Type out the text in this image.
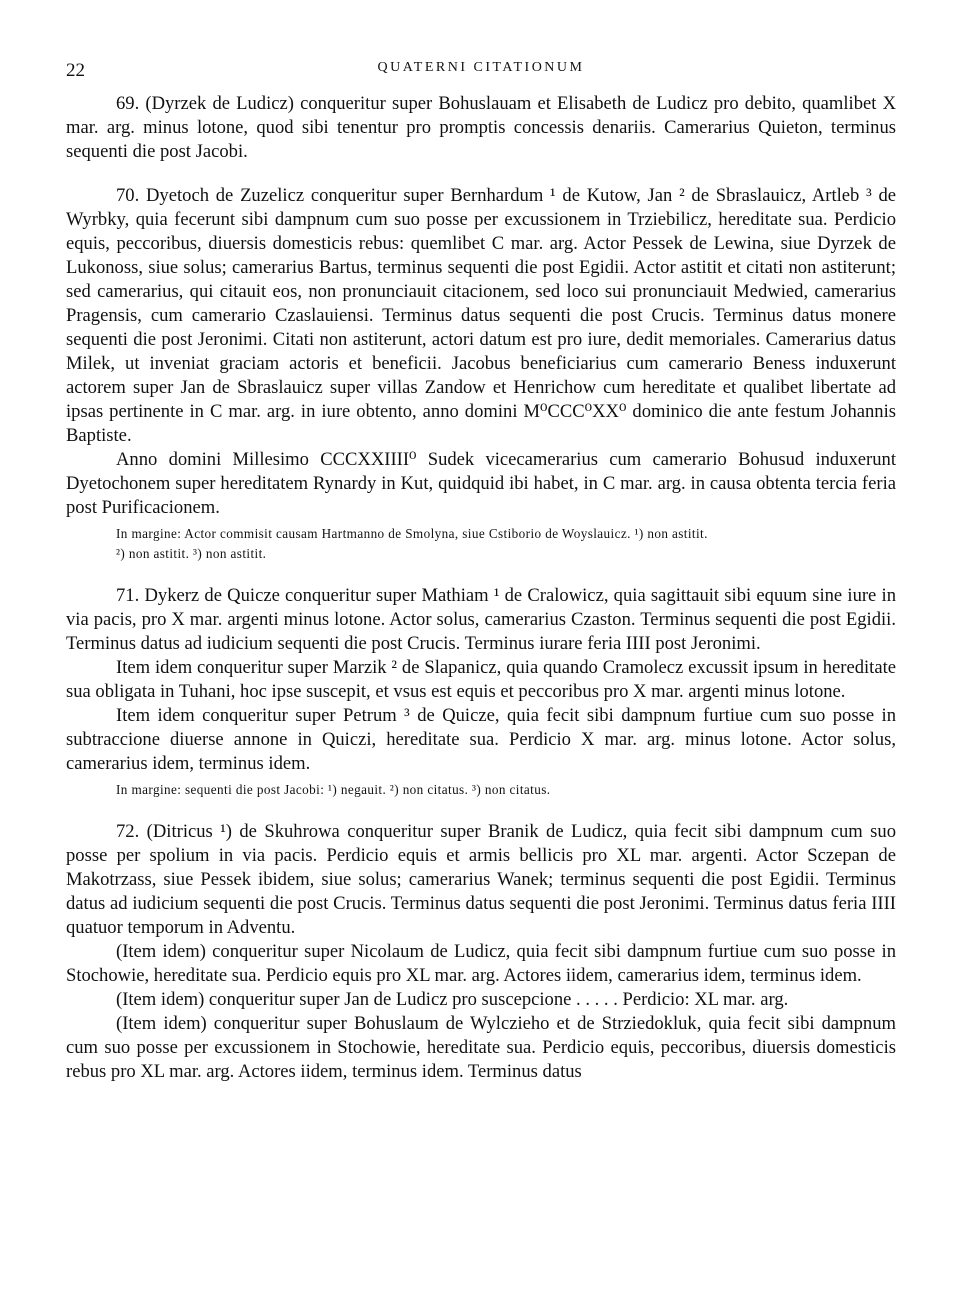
22	QUATERNI CITATIONUM

69. (Dyrzek de Ludicz) conqueritur super Bohuslauam et Elisabeth de Ludicz pro debito, quamlibet X mar. arg. minus lotone, quod sibi tenentur pro promptis concessis denariis. Camerarius Quieton, terminus sequenti die post Jacobi.

70. Dyetoch de Zuzelicz conqueritur super Bernhardum ¹ de Kutow, Jan ² de Sbraslauicz, Artleb ³ de Wyrbky, quia fecerunt sibi dampnum cum suo posse per excussionem in Trziebilicz, hereditate sua. Perdicio equis, peccoribus, diuersis domesticis rebus: quemlibet C mar. arg. Actor Pessek de Lewina, siue Dyrzek de Lukonoss, siue solus; camerarius Bartus, terminus sequenti die post Egidii. Actor astitit et citati non astiterunt; sed camerarius, qui citauit eos, non pronunciauit citacionem, sed loco sui pronunciauit Medwied, camerarius Pragensis, cum camerario Czaslauiensi. Terminus datus sequenti die post Crucis. Terminus datus monere sequenti die post Jeronimi. Citati non astiterunt, actori datum est pro iure, dedit memoriales. Camerarius datus Milek, ut inveniat graciam actoris et beneficii. Jacobus beneficiarius cum camerario Beness induxerunt actorem super Jan de Sbraslauicz super villas Zandow et Henrichow cum hereditate et qualibet libertate ad ipsas pertinente in C mar. arg. in iure obtento, anno domini M⁰CCC⁰XX⁰ dominico die ante festum Johannis Baptiste.

Anno domini Millesimo CCCXXIIII⁰ Sudek vicecamerarius cum camerario Bohusud induxerunt Dyetochonem super hereditatem Rynardy in Kut, quidquid ibi habet, in C mar. arg. in causa obtenta tercia feria post Purificacionem.

In margine: Actor commisit causam Hartmanno de Smolyna, siue Cstiborio de Woyslauicz. ¹) non astitit.
²) non astitit. ³) non astitit.

71. Dykerz de Quicze conqueritur super Mathiam ¹ de Cralowicz, quia sagittauit sibi equum sine iure in via pacis, pro X mar. argenti minus lotone. Actor solus, camerarius Czaston. Terminus sequenti die post Egidii. Terminus datus ad iudicium sequenti die post Crucis. Terminus iurare feria IIII post Jeronimi.

Item idem conqueritur super Marzik ² de Slapanicz, quia quando Cramolecz excussit ipsum in hereditate sua obligata in Tuhani, hoc ipse suscepit, et vsus est equis et peccoribus pro X mar. argenti minus lotone.

Item idem conqueritur super Petrum ³ de Quicze, quia fecit sibi dampnum furtiue cum suo posse in subtraccione diuerse annone in Quiczi, hereditate sua. Perdicio X mar. arg. minus lotone. Actor solus, camerarius idem, terminus idem.

In margine: sequenti die post Jacobi: ¹) negauit. ²) non citatus. ³) non citatus.

72. (Ditricus ¹) de Skuhrowa conqueritur super Branik de Ludicz, quia fecit sibi dampnum cum suo posse per spolium in via pacis. Perdicio equis et armis bellicis pro XL mar. argenti. Actor Sczepan de Makotrzass, siue Pessek ibidem, siue solus; camerarius Wanek; terminus sequenti die post Egidii. Terminus datus ad iudicium sequenti die post Crucis. Terminus datus sequenti die post Jeronimi. Terminus datus feria IIII quatuor temporum in Adventu.

(Item idem) conqueritur super Nicolaum de Ludicz, quia fecit sibi dampnum furtiue cum suo posse in Stochowie, hereditate sua. Perdicio equis pro XL mar. arg. Actores iidem, camerarius idem, terminus idem.

(Item idem) conqueritur super Jan de Ludicz pro suscepcione . . . . . Perdicio: XL mar. arg.

(Item idem) conqueritur super Bohuslaum de Wylczieho et de Strziedokluk, quia fecit sibi dampnum cum suo posse per excussionem in Stochowie, hereditate sua. Perdicio equis, peccoribus, diuersis domesticis rebus pro XL mar. arg. Actores iidem, terminus idem. Terminus datus
